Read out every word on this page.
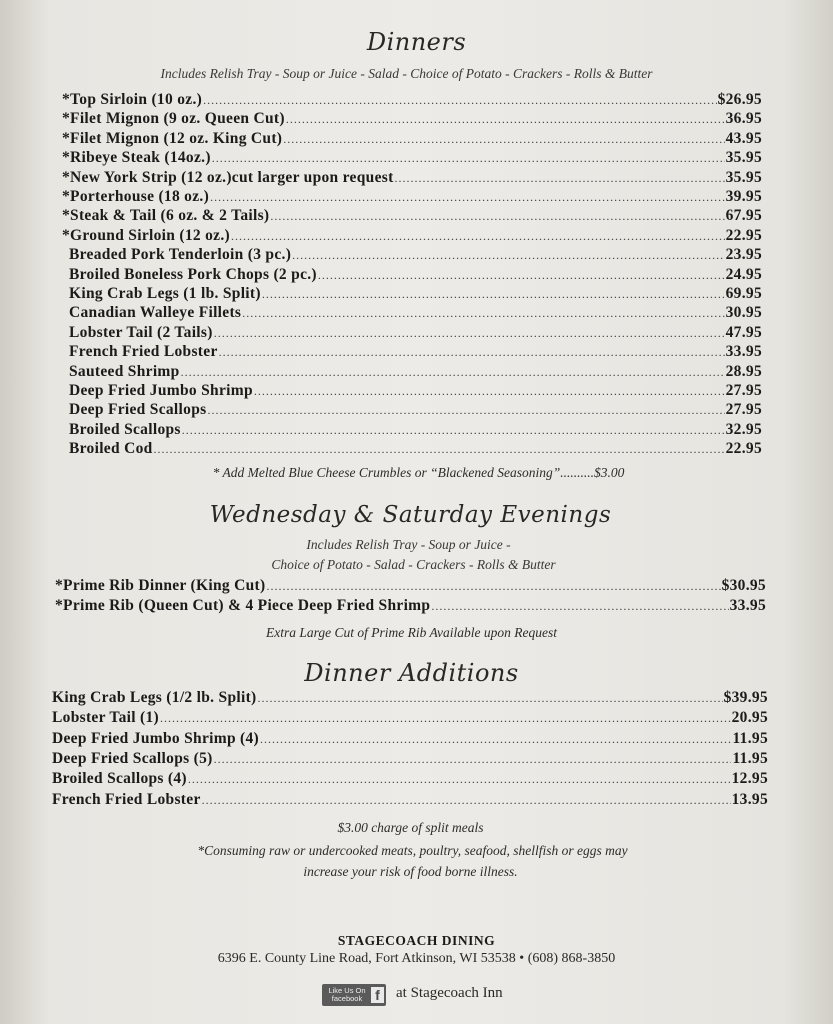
Dinners
Includes Relish Tray - Soup or Juice - Salad - Choice of Potato - Crackers - Rolls & Butter
*Top Sirloin (10 oz.) .....	$26.95
*Filet Mignon (9 oz. Queen Cut) .....	36.95
*Filet Mignon (12 oz. King Cut) .....	43.95
*Ribeye Steak (14oz.) .....	35.95
*New York Strip (12 oz.)cut larger upon request .....	35.95
*Porterhouse (18 oz.) .....	39.95
*Steak & Tail (6 oz. & 2 Tails) .....	67.95
*Ground Sirloin (12 oz.) .....	22.95
Breaded Pork Tenderloin (3 pc.) .....	23.95
Broiled Boneless Pork Chops (2 pc.) .....	24.95
King Crab Legs (1 lb. Split) .....	69.95
Canadian Walleye Fillets .....	30.95
Lobster Tail (2 Tails) .....	47.95
French Fried Lobster .....	33.95
Sauteed Shrimp .....	28.95
Deep Fried Jumbo Shrimp .....	27.95
Deep Fried Scallops .....	27.95
Broiled Scallops .....	32.95
Broiled Cod .....	22.95
* Add Melted Blue Cheese Crumbles or “Blackened Seasoning”..........$3.00
Wednesday & Saturday Evenings
Includes Relish Tray - Soup or Juice -
Choice of Potato - Salad - Crackers - Rolls & Butter
*Prime Rib Dinner (King Cut) .....	$30.95
*Prime Rib (Queen Cut) & 4 Piece Deep Fried Shrimp .....	33.95
Extra Large Cut of Prime Rib Available upon Request
Dinner Additions
King Crab Legs (1/2 lb. Split) .....	$39.95
Lobster Tail (1) .....	20.95
Deep Fried Jumbo Shrimp (4) .....	11.95
Deep Fried Scallops (5) .....	11.95
Broiled Scallops (4) .....	12.95
French Fried Lobster .....	13.95
$3.00 charge of split meals
*Consuming raw or undercooked meats, poultry, seafood, shellfish or eggs may
increase your risk of food borne illness.
STAGECOACH DINING
6396 E. County Line Road, Fort Atkinson, WI 53538 • (608) 868-3850
Like Us On facebook f at Stagecoach Inn
